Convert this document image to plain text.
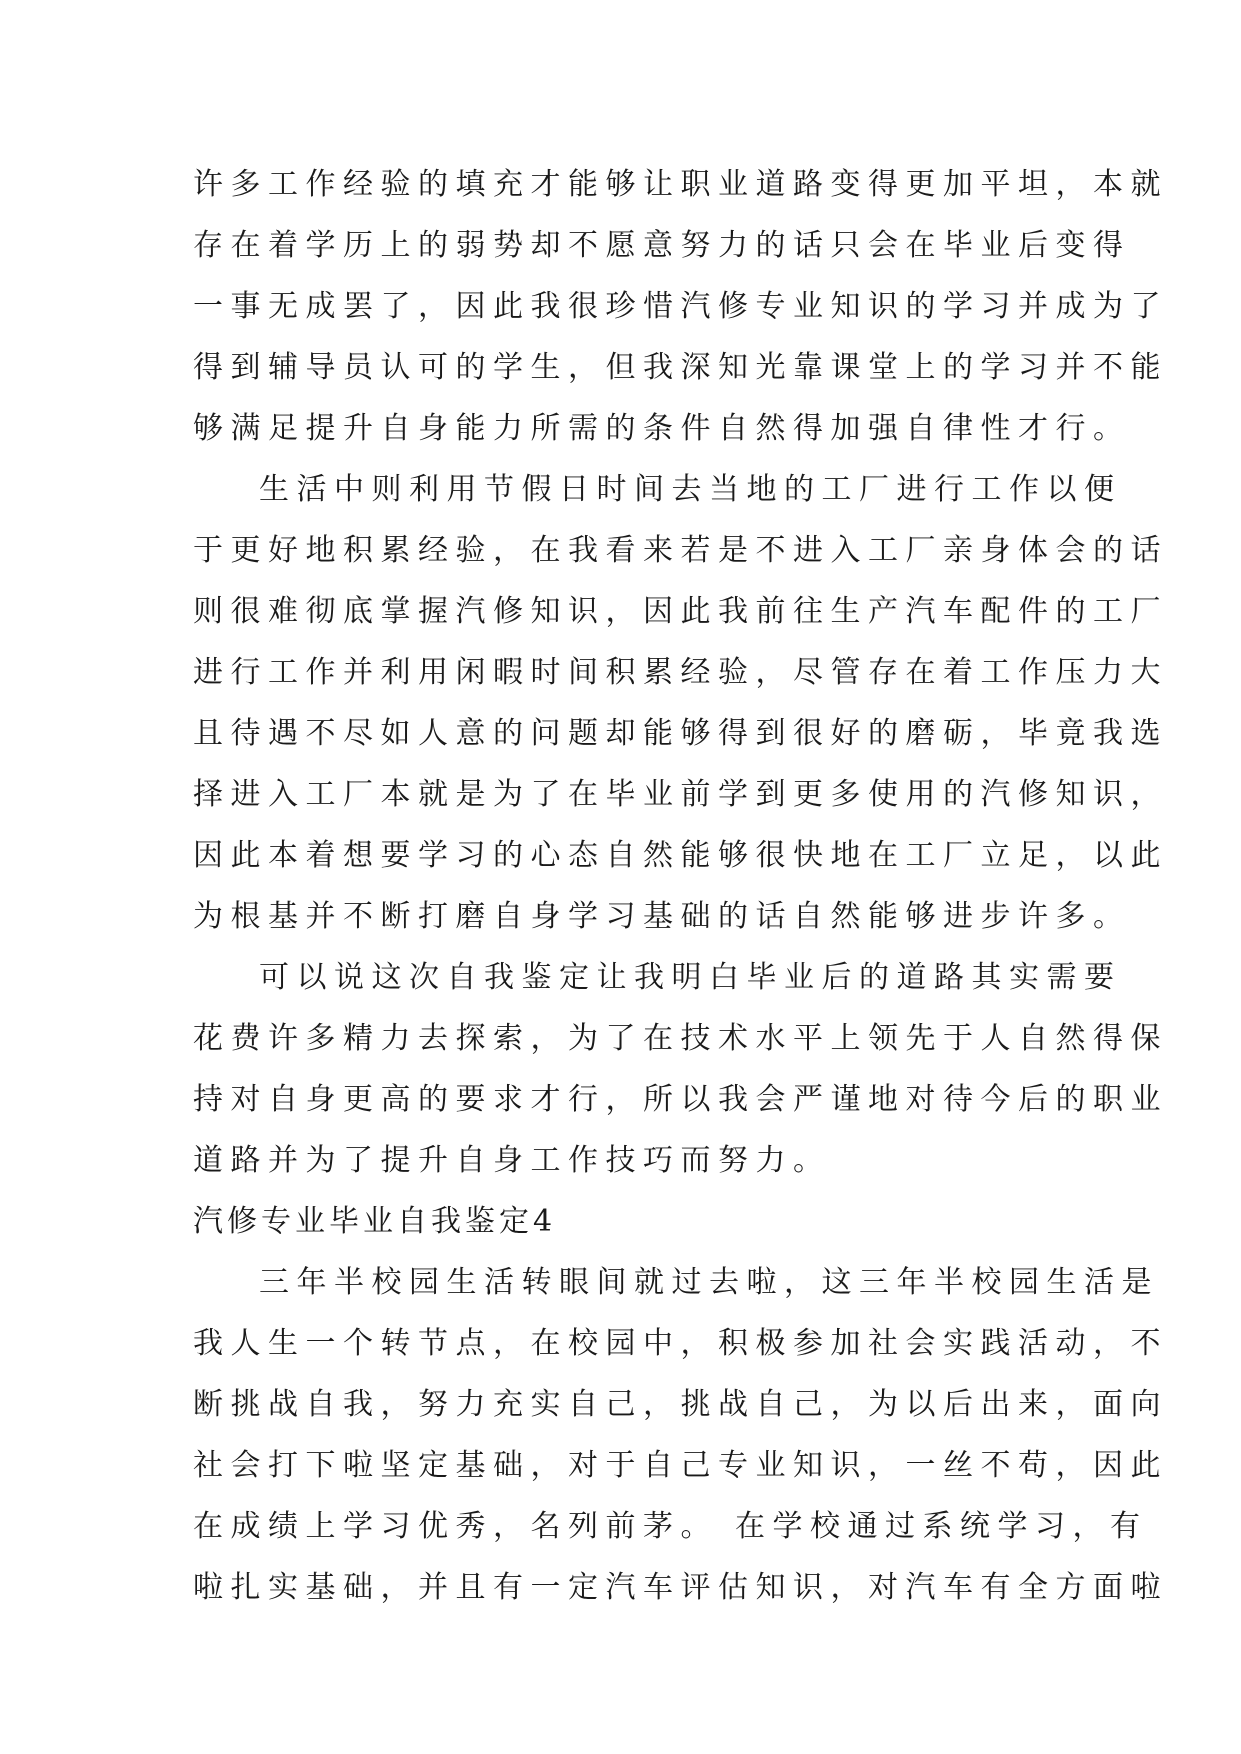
许多工作经验的填充才能够让职业道路变得更加平坦，本就
存在着学历上的弱势却不愿意努力的话只会在毕业后变得
一事无成罢了，因此我很珍惜汽修专业知识的学习并成为了
得到辅导员认可的学生，但我深知光靠课堂上的学习并不能
够满足提升自身能力所需的条件自然得加强自律性才行。
生活中则利用节假日时间去当地的工厂进行工作以便
于更好地积累经验，在我看来若是不进入工厂亲身体会的话
则很难彻底掌握汽修知识，因此我前往生产汽车配件的工厂
进行工作并利用闲暇时间积累经验，尽管存在着工作压力大
且待遇不尽如人意的问题却能够得到很好的磨砺，毕竟我选
择进入工厂本就是为了在毕业前学到更多使用的汽修知识，
因此本着想要学习的心态自然能够很快地在工厂立足，以此
为根基并不断打磨自身学习基础的话自然能够进步许多。
可以说这次自我鉴定让我明白毕业后的道路其实需要
花费许多精力去探索，为了在技术水平上领先于人自然得保
持对自身更高的要求才行，所以我会严谨地对待今后的职业
道路并为了提升自身工作技巧而努力。
汽修专业毕业自我鉴定4
三年半校园生活转眼间就过去啦，这三年半校园生活是
我人生一个转节点，在校园中，积极参加社会实践活动，不
断挑战自我，努力充实自己，挑战自己，为以后出来，面向
社会打下啦坚定基础，对于自己专业知识，一丝不苟，因此
在成绩上学习优秀，名列前茅。 在学校通过系统学习，有
啦扎实基础，并且有一定汽车评估知识，对汽车有全方面啦
